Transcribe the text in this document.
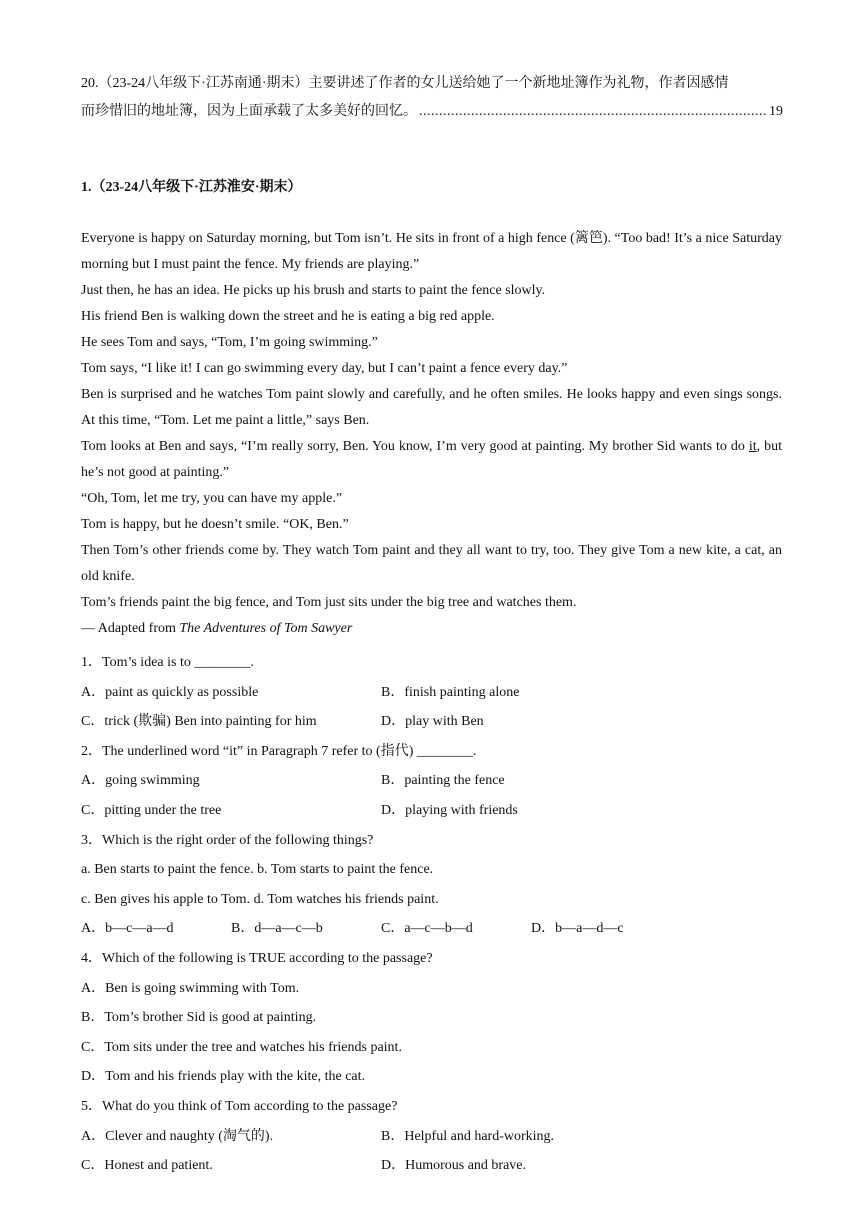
20.（23-24八年级下·江苏南通·期末）主要讲述了作者的女儿送给她了一个新地址簿作为礼物，作者因感情
而珍惜旧的地址簿，因为上面承载了太多美好的回忆。
.....	19
1.（23-24八年级下·江苏淮安·期末）

Everyone is happy on Saturday morning, but Tom isn’t. He sits in front of a high fence (篱笆). “Too bad! It’s a nice Saturday morning but I must paint the fence. My friends are playing.”

Just then, he has an idea. He picks up his brush and starts to paint the fence slowly.

His friend Ben is walking down the street and he is eating a big red apple.

He sees Tom and says, “Tom, I’m going swimming.”

Tom says, “I like it! I can go swimming every day, but I can’t paint a fence every day.”

Ben is surprised and he watches Tom paint slowly and carefully, and he often smiles. He looks happy and even sings songs. At this time, “Tom. Let me paint a little,” says Ben.

Tom looks at Ben and says, “I’m really sorry, Ben. You know, I’m very good at painting. My brother Sid wants to do it, but he’s not good at painting.”

“Oh, Tom, let me try, you can have my apple.”

Tom is happy, but he doesn’t smile. “OK, Ben.”

Then Tom’s other friends come by. They watch Tom paint and they all want to try, too. They give Tom a new kite, a cat, an old knife.

Tom’s friends paint the big fence, and Tom just sits under the big tree and watches them.

— Adapted from The Adventures of Tom Sawyer

1．Tom’s idea is to ________.
A．paint as quickly as possible	B．finish painting alone
C．trick (欺骗) Ben into painting for him	D．play with Ben
2．The underlined word “it” in Paragraph 7 refer to (指代) ________.
A．going swimming	B．painting the fence
C．pitting under the tree	D．playing with friends
3．Which is the right order of the following things?
a. Ben starts to paint the fence. b. Tom starts to paint the fence.
c. Ben gives his apple to Tom. d. Tom watches his friends paint.
A．b—c—a—d	B．d—a—c—b	C．a—c—b—d	D．b—a—d—c
4．Which of the following is TRUE according to the passage?
A．Ben is going swimming with Tom.
B．Tom’s brother Sid is good at painting.
C．Tom sits under the tree and watches his friends paint.
D．Tom and his friends play with the kite, the cat.
5．What do you think of Tom according to the passage?
A．Clever and naughty (淘气的).	B．Helpful and hard-working.
C．Honest and patient.	D．Humorous and brave.
